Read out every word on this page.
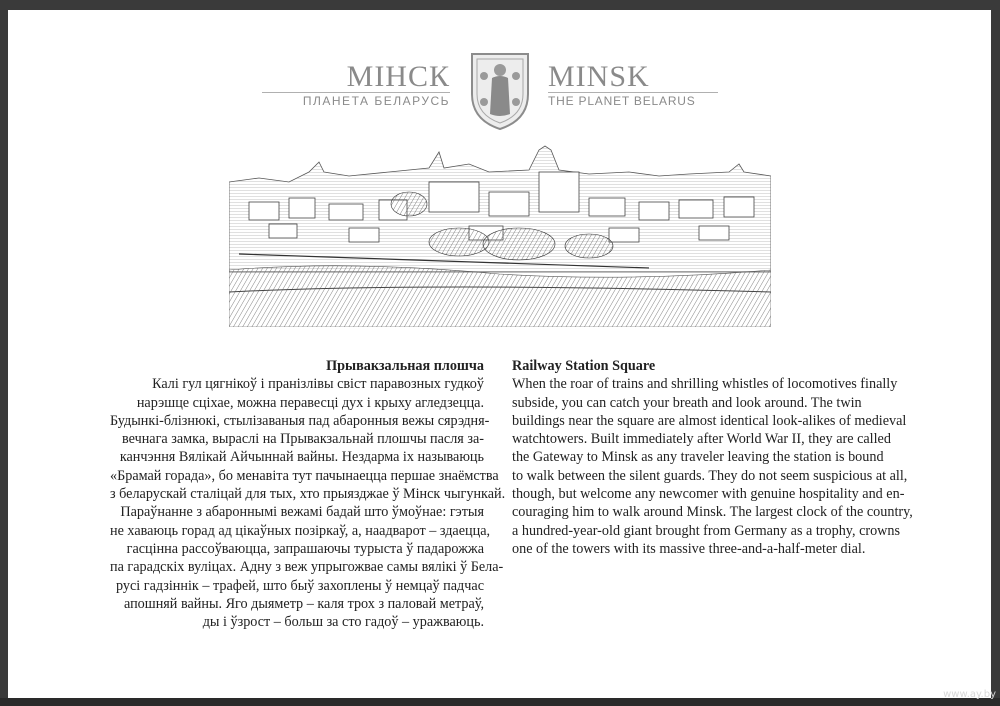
МІНСК
ПЛАНЕТА БЕЛАРУСЬ
MINSK
THE PLANET BELARUS
Прывакзальная плошча
Калі гул цягнікоў і пранізлівы свіст паравозных гудкоў
нарэшце сціхае, можна перавесці дух і крыху агледзецца.
Будынкі-блізнюкі, стылізаваныя пад абаронныя вежы сярэдня-
вечнага замка, выраслі на Прывакзальнай плошчы пасля за-
канчэння Вялікай Айчыннай вайны. Нездарма іх называюць
«Брамай горада», бо менавіта тут пачынаецца першае знаёмства
з беларускай сталіцай для тых, хто прыязджае ў Мінск чыгункай.
Параўнанне з абароннымі вежамі бадай што ўмоўнае: гэтыя
не хаваюць горад ад цікаўных позіркаў, а, наадварот – здаецца,
гасцінна рассоўваюцца, запрашаючы турыста ў падарожжа
па гарадскіх вуліцах. Адну з веж упрыгожвае самы вялікі ў Бела-
русі гадзіннік – трафей, што быў захоплены ў немцаў падчас
апошняй вайны. Яго дыяметр – каля трох з паловай метраў,
ды і ўзрост – больш за сто гадоў – уражваюць.
Railway Station Square
When the roar of trains and shrilling whistles of locomotives finally
subside, you can catch your breath and look around. The twin
buildings near the square are almost identical look-alikes of medieval
watchtowers. Built immediately after World War II, they are called
the Gateway to Minsk as any traveler leaving the station is bound
to walk between the silent guards. They do not seem suspicious at all,
though, but welcome any newcomer with genuine hospitality and en-
couraging him to walk around Minsk. The largest clock of the country,
a hundred-year-old giant brought from Germany as a trophy, crowns
one of the towers with its massive three-and-a-half-meter dial.
www.ay.by
